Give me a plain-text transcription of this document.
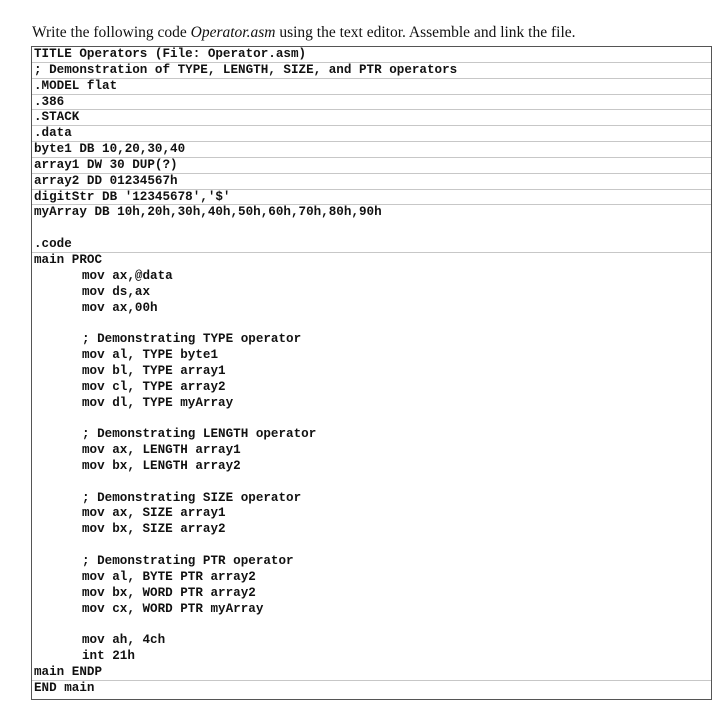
Write the following code Operator.asm using the text editor. Assemble and link the file.
TITLE Operators (File: Operator.asm)
; Demonstration of TYPE, LENGTH, SIZE, and PTR operators
.MODEL flat
.386
.STACK
.data
byte1 DB 10,20,30,40
array1 DW 30 DUP(?)
array2 DD 01234567h
digitStr DB '12345678','$'
myArray DB 10h,20h,30h,40h,50h,60h,70h,80h,90h
.code
main PROC
mov ax,@data
mov ds,ax
mov ax,00h
; Demonstrating TYPE operator
mov al, TYPE byte1
mov bl, TYPE array1
mov cl, TYPE array2
mov dl, TYPE myArray
; Demonstrating LENGTH operator
mov ax, LENGTH array1
mov bx, LENGTH array2
; Demonstrating SIZE operator
mov ax, SIZE array1
mov bx, SIZE array2
; Demonstrating PTR operator
mov al, BYTE PTR array2
mov bx, WORD PTR array2
mov cx, WORD PTR myArray
mov ah, 4ch
int 21h
main ENDP
END main
